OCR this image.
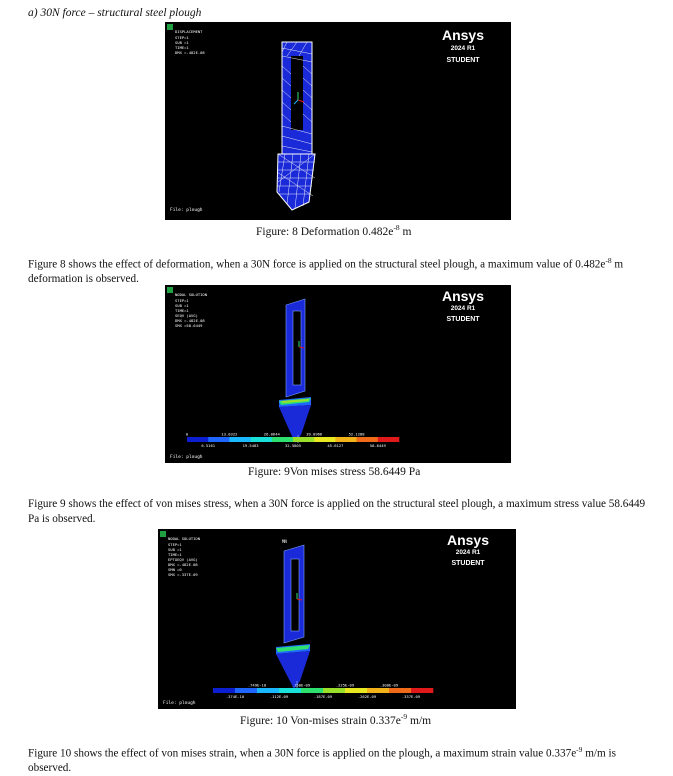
a) 30N force – structural steel plough
DISPLACEMENT
STEP=1
SUB =1
TIME=1
DMX =.482E-08
Ansys
2024 R1
STUDENT
File: plough
Figure: 8 Deformation $0.482e^{-8}$ m
Figure 8 shows the effect of deformation, when a 30N force is applied on the structural steel plough, a maximum value of $0.482e^{-8}$ m deformation is observed.
NODAL SOLUTION
STEP=1
SUB =1
TIME=1
SEQV (AVG)
DMX =.482E-08
SMX =58.6449
Ansys
2024 R1
STUDENT
0	13.0322	26.0644	39.0966	52.1288
6.5161	19.5483	32.5805	45.6127	58.6449
File: plough
Figure: 9Von mises stress 58.6449 Pa
Figure 9 shows the effect of von mises stress, when a 30N force is applied on the structural steel plough, a maximum stress value 58.6449 Pa is observed.
NODAL SOLUTION
STEP=1
SUB =1
TIME=1
EPTOEQV (AVG)
DMX =.482E-08
SMN =0
SMX =.337E-09
MN	Ansys
2024 R1
STUDENT
.749E-10	.150E-09	.225E-09	.300E-09
.374E-10	.112E-09	.187E-09	.262E-09	.337E-09
File: plough
Figure: 10 Von-mises strain $0.337e^{-9}$ m/m
Figure 10 shows the effect of von mises strain, when a 30N force is applied on the plough, a maximum strain value $0.337e^{-9}$ m/m is observed.
